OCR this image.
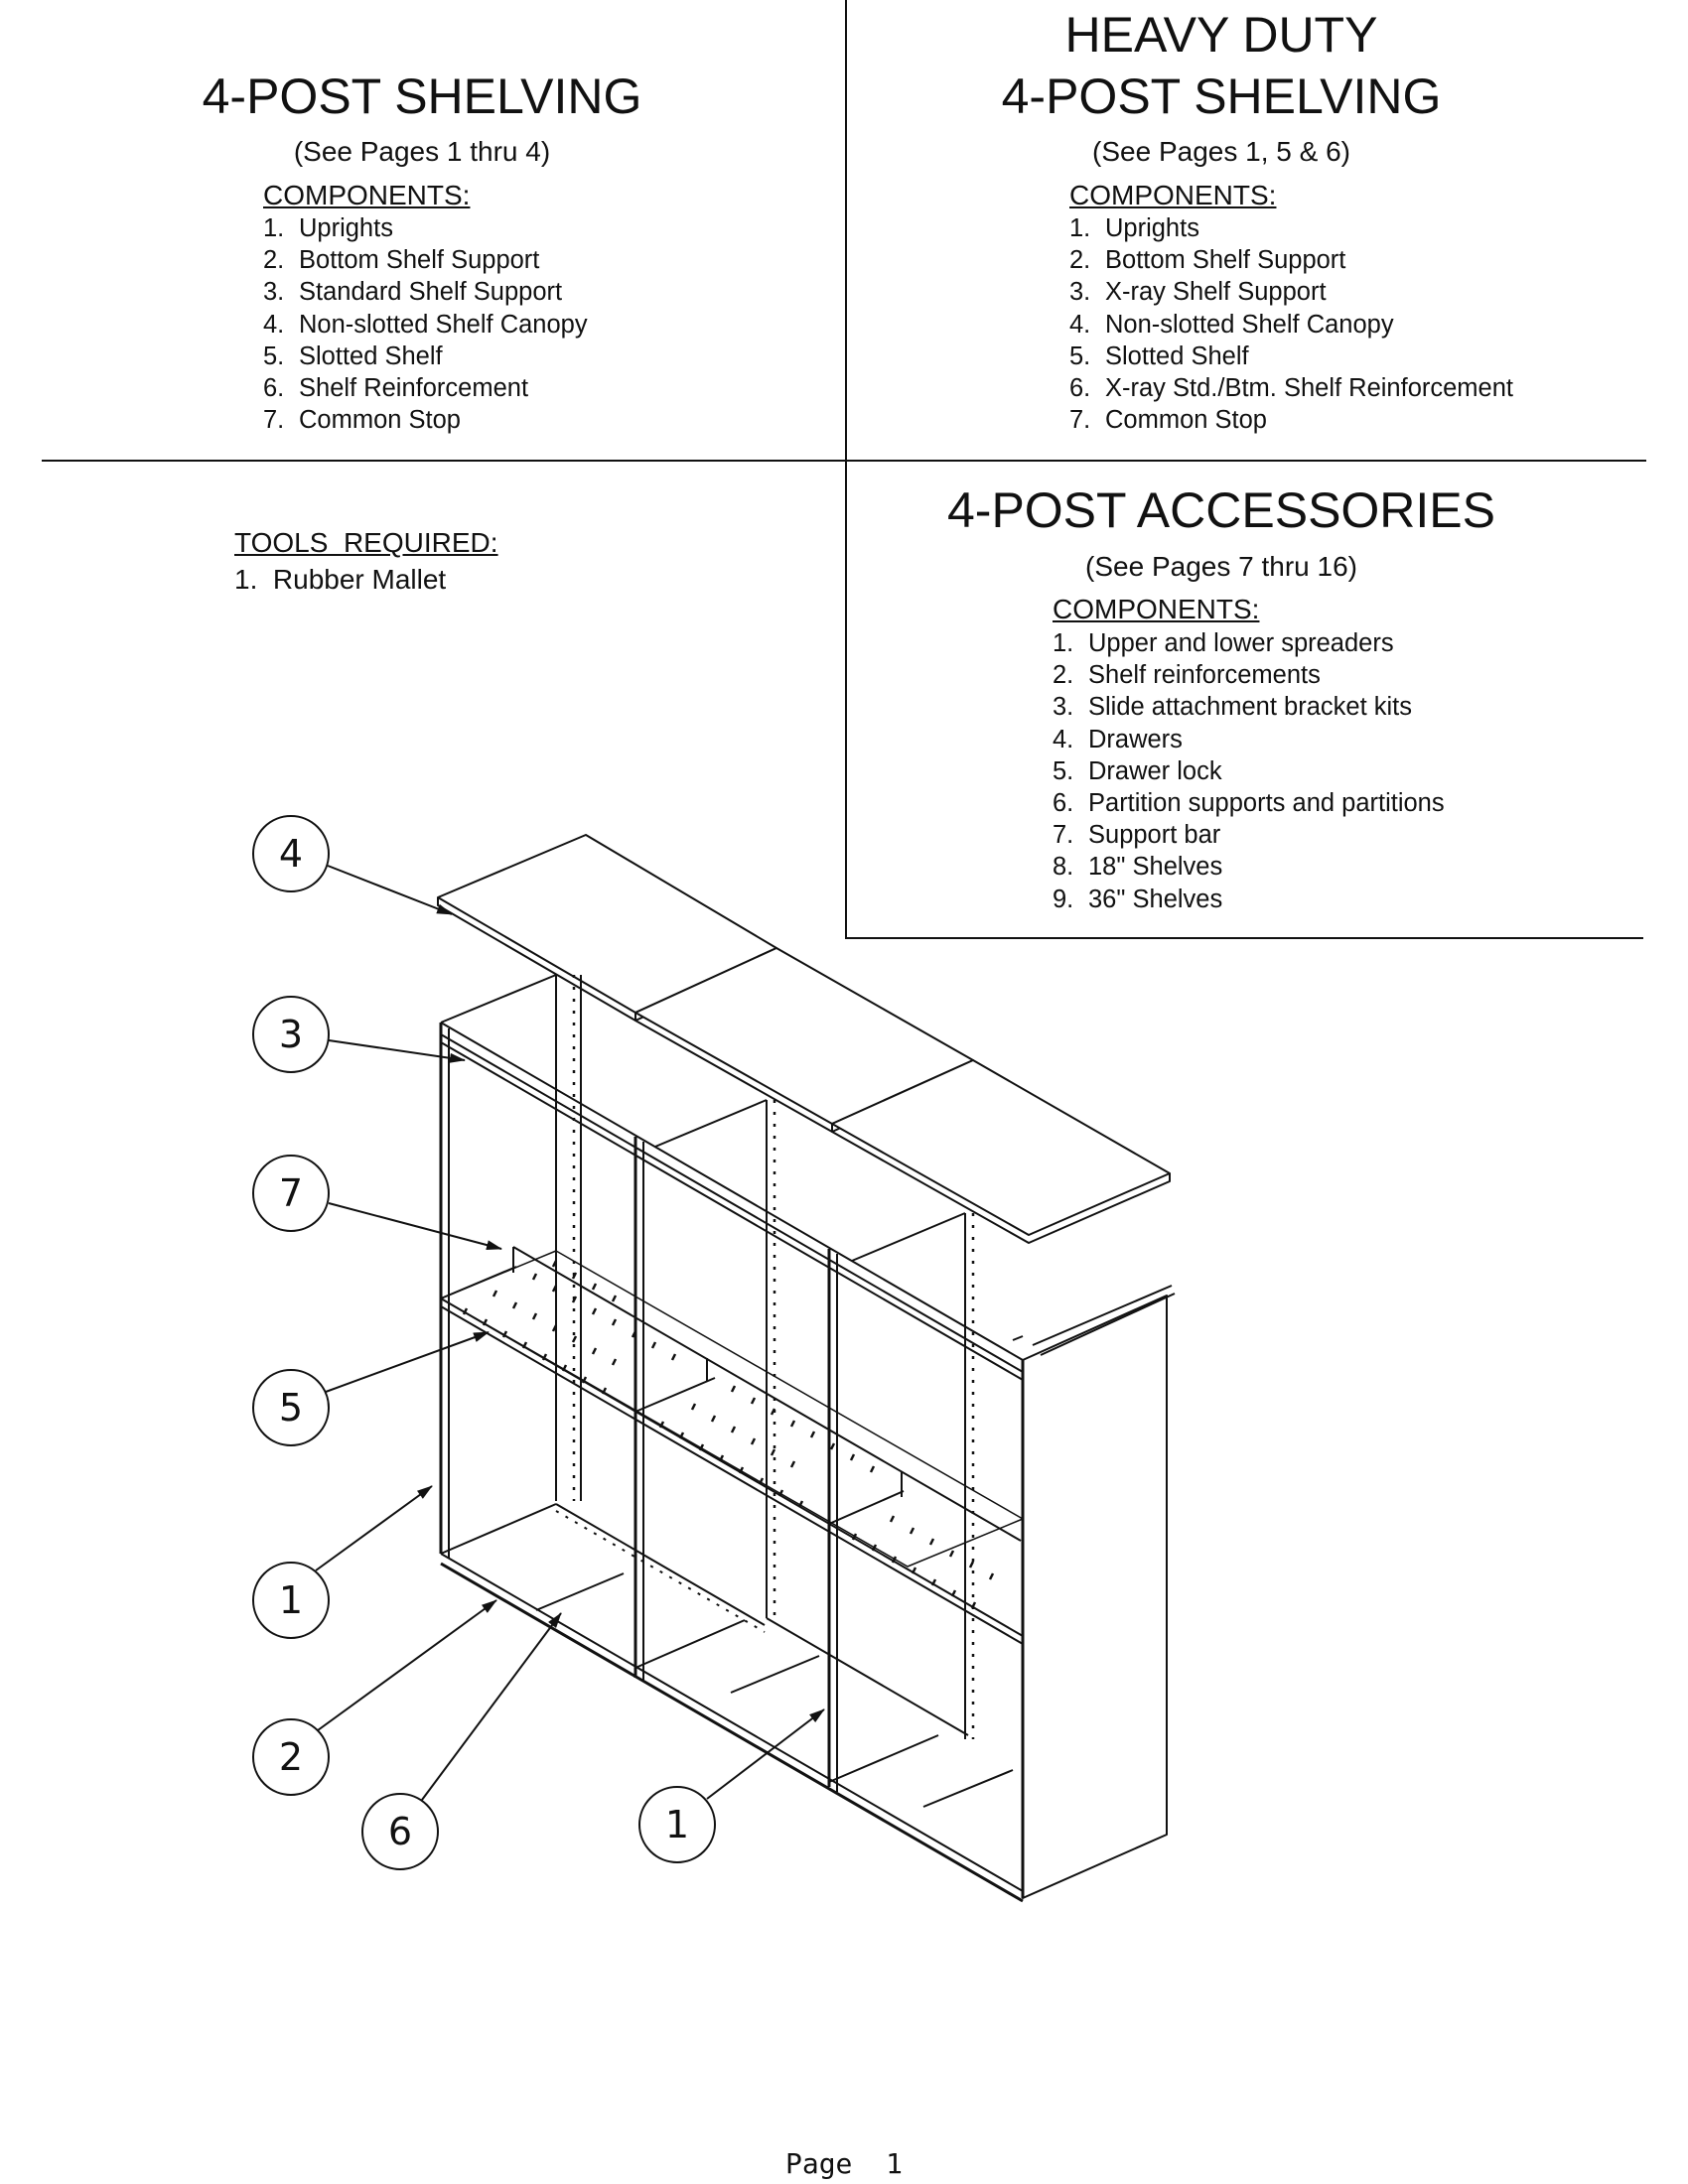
4-POST SHELVING
(See Pages 1 thru 4)
COMPONENTS:
1. Uprights
2. Bottom Shelf Support
3. Standard Shelf Support
4. Non-slotted Shelf Canopy
5. Slotted Shelf
6. Shelf Reinforcement
7. Common Stop
HEAVY DUTY
4-POST SHELVING
(See Pages 1, 5 & 6)
COMPONENTS:
1. Uprights
2. Bottom Shelf Support
3. X-ray Shelf Support
4. Non-slotted Shelf Canopy
5. Slotted Shelf
6. X-ray Std./Btm. Shelf Reinforcement
7. Common Stop
TOOLS  REQUIRED:
1.  Rubber Mallet
4-POST ACCESSORIES
(See Pages 7 thru 16)
COMPONENTS:
1. Upper and lower spreaders
2. Shelf reinforcements
3. Slide attachment bracket kits
4. Drawers
5. Drawer lock
6. Partition supports and partitions
7. Support bar
8. 18" Shelves
9. 36" Shelves
4
3
7
5
1
2
6	1
Page  1
